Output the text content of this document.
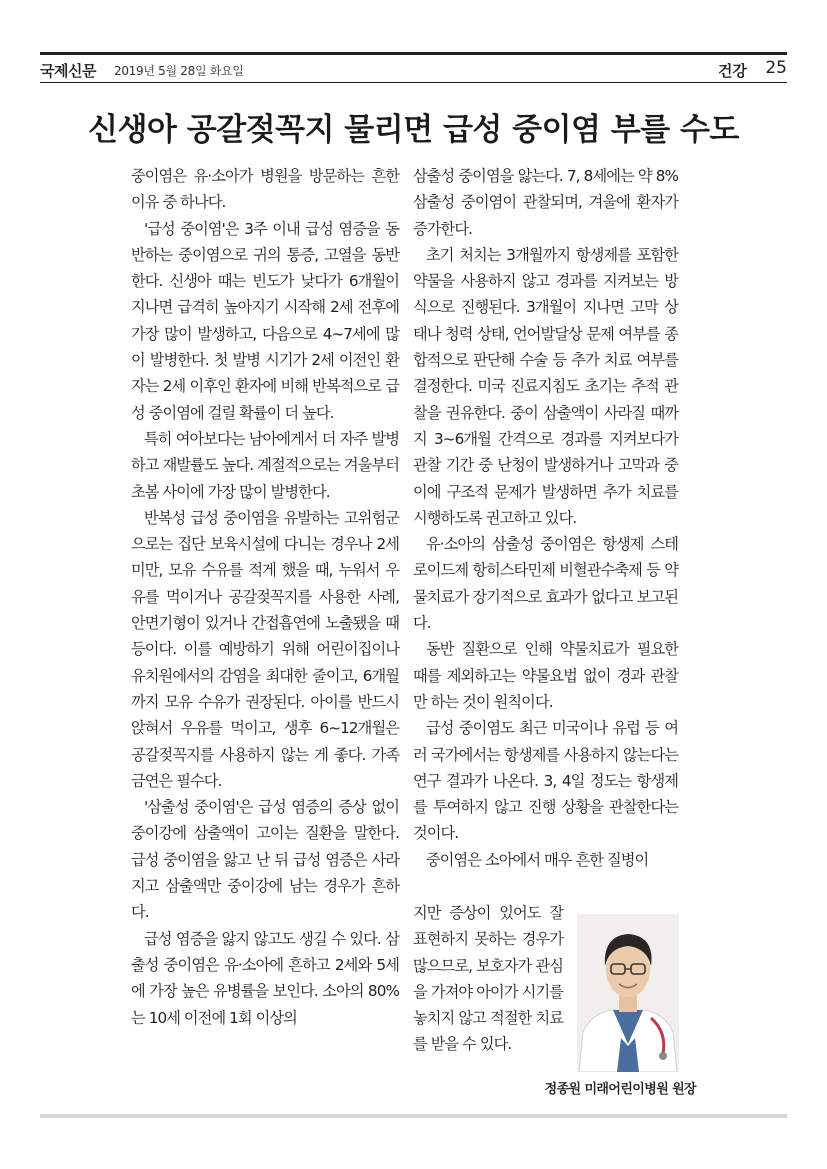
국제신문 2019년 5월 28일 화요일	건강 25
신생아 공갈젖꼭지 물리면 급성 중이염 부를 수도

중이염은 유·소아가 병원을 방문하는 흔한 이유 중 하나다.

'급성 중이염'은 3주 이내 급성 염증을 동반하는 중이염으로 귀의 통증, 고열을 동반한다. 신생아 때는 빈도가 낮다가 6개월이 지나면 급격히 높아지기 시작해 2세 전후에 가장 많이 발생하고, 다음으로 4~7세에 많이 발병한다. 첫 발병 시기가 2세 이전인 환자는 2세 이후인 환자에 비해 반복적으로 급성 중이염에 걸릴 확률이 더 높다.

특히 여아보다는 남아에게서 더 자주 발병하고 재발률도 높다. 계절적으로는 겨울부터 초봄 사이에 가장 많이 발병한다.

반복성 급성 중이염을 유발하는 고위험군으로는 집단 보육시설에 다니는 경우나 2세 미만, 모유 수유를 적게 했을 때, 누워서 우유를 먹이거나 공갈젖꼭지를 사용한 사례, 안면기형이 있거나 간접흡연에 노출됐을 때 등이다. 이를 예방하기 위해 어린이집이나 유치원에서의 감염을 최대한 줄이고, 6개월까지 모유 수유가 권장된다. 아이를 반드시 앉혀서 우유를 먹이고, 생후 6~12개월은 공갈젖꼭지를 사용하지 않는 게 좋다. 가족 금연은 필수다.

'삼출성 중이염'은 급성 염증의 증상 없이 중이강에 삼출액이 고이는 질환을 말한다. 급성 중이염을 앓고 난 뒤 급성 염증은 사라지고 삼출액만 중이강에 남는 경우가 흔하다.

급성 염증을 앓지 않고도 생길 수 있다. 삼출성 중이염은 유·소아에 흔하고 2세와 5세에 가장 높은 유병률을 보인다. 소아의 80%는 10세 이전에 1회 이상의

삼출성 중이염을 앓는다. 7, 8세에는 약 8% 삼출성 중이염이 관찰되며, 겨울에 환자가 증가한다.

초기 처치는 3개월까지 항생제를 포함한 약물을 사용하지 않고 경과를 지켜보는 방식으로 진행된다. 3개월이 지나면 고막 상태나 청력 상태, 언어발달상 문제 여부를 종합적으로 판단해 수술 등 추가 치료 여부를 결정한다. 미국 진료지침도 초기는 추적 관찰을 권유한다. 중이 삼출액이 사라질 때까지 3~6개월 간격으로 경과를 지켜보다가 관찰 기간 중 난청이 발생하거나 고막과 중이에 구조적 문제가 발생하면 추가 치료를 시행하도록 권고하고 있다.

유·소아의 삼출성 중이염은 항생제 스테로이드제 항히스타민제 비혈관수축제 등 약물치료가 장기적으로 효과가 없다고 보고된다.

동반 질환으로 인해 약물치료가 필요한 때를 제외하고는 약물요법 없이 경과 관찰만 하는 것이 원칙이다.

급성 중이염도 최근 미국이나 유럽 등 여러 국가에서는 항생제를 사용하지 않는다는 연구 결과가 나온다. 3, 4일 정도는 항생제를 투여하지 않고 진행 상황을 관찰한다는 것이다.

중이염은 소아에서 매우 흔한 질병이

지만 증상이 있어도 잘 표현하지 못하는 경우가 많으므로, 보호자가 관심을 가져야 아이가 시기를 놓치지 않고 적절한 치료를 받을 수 있다.

정종원 미래어린이병원 원장
